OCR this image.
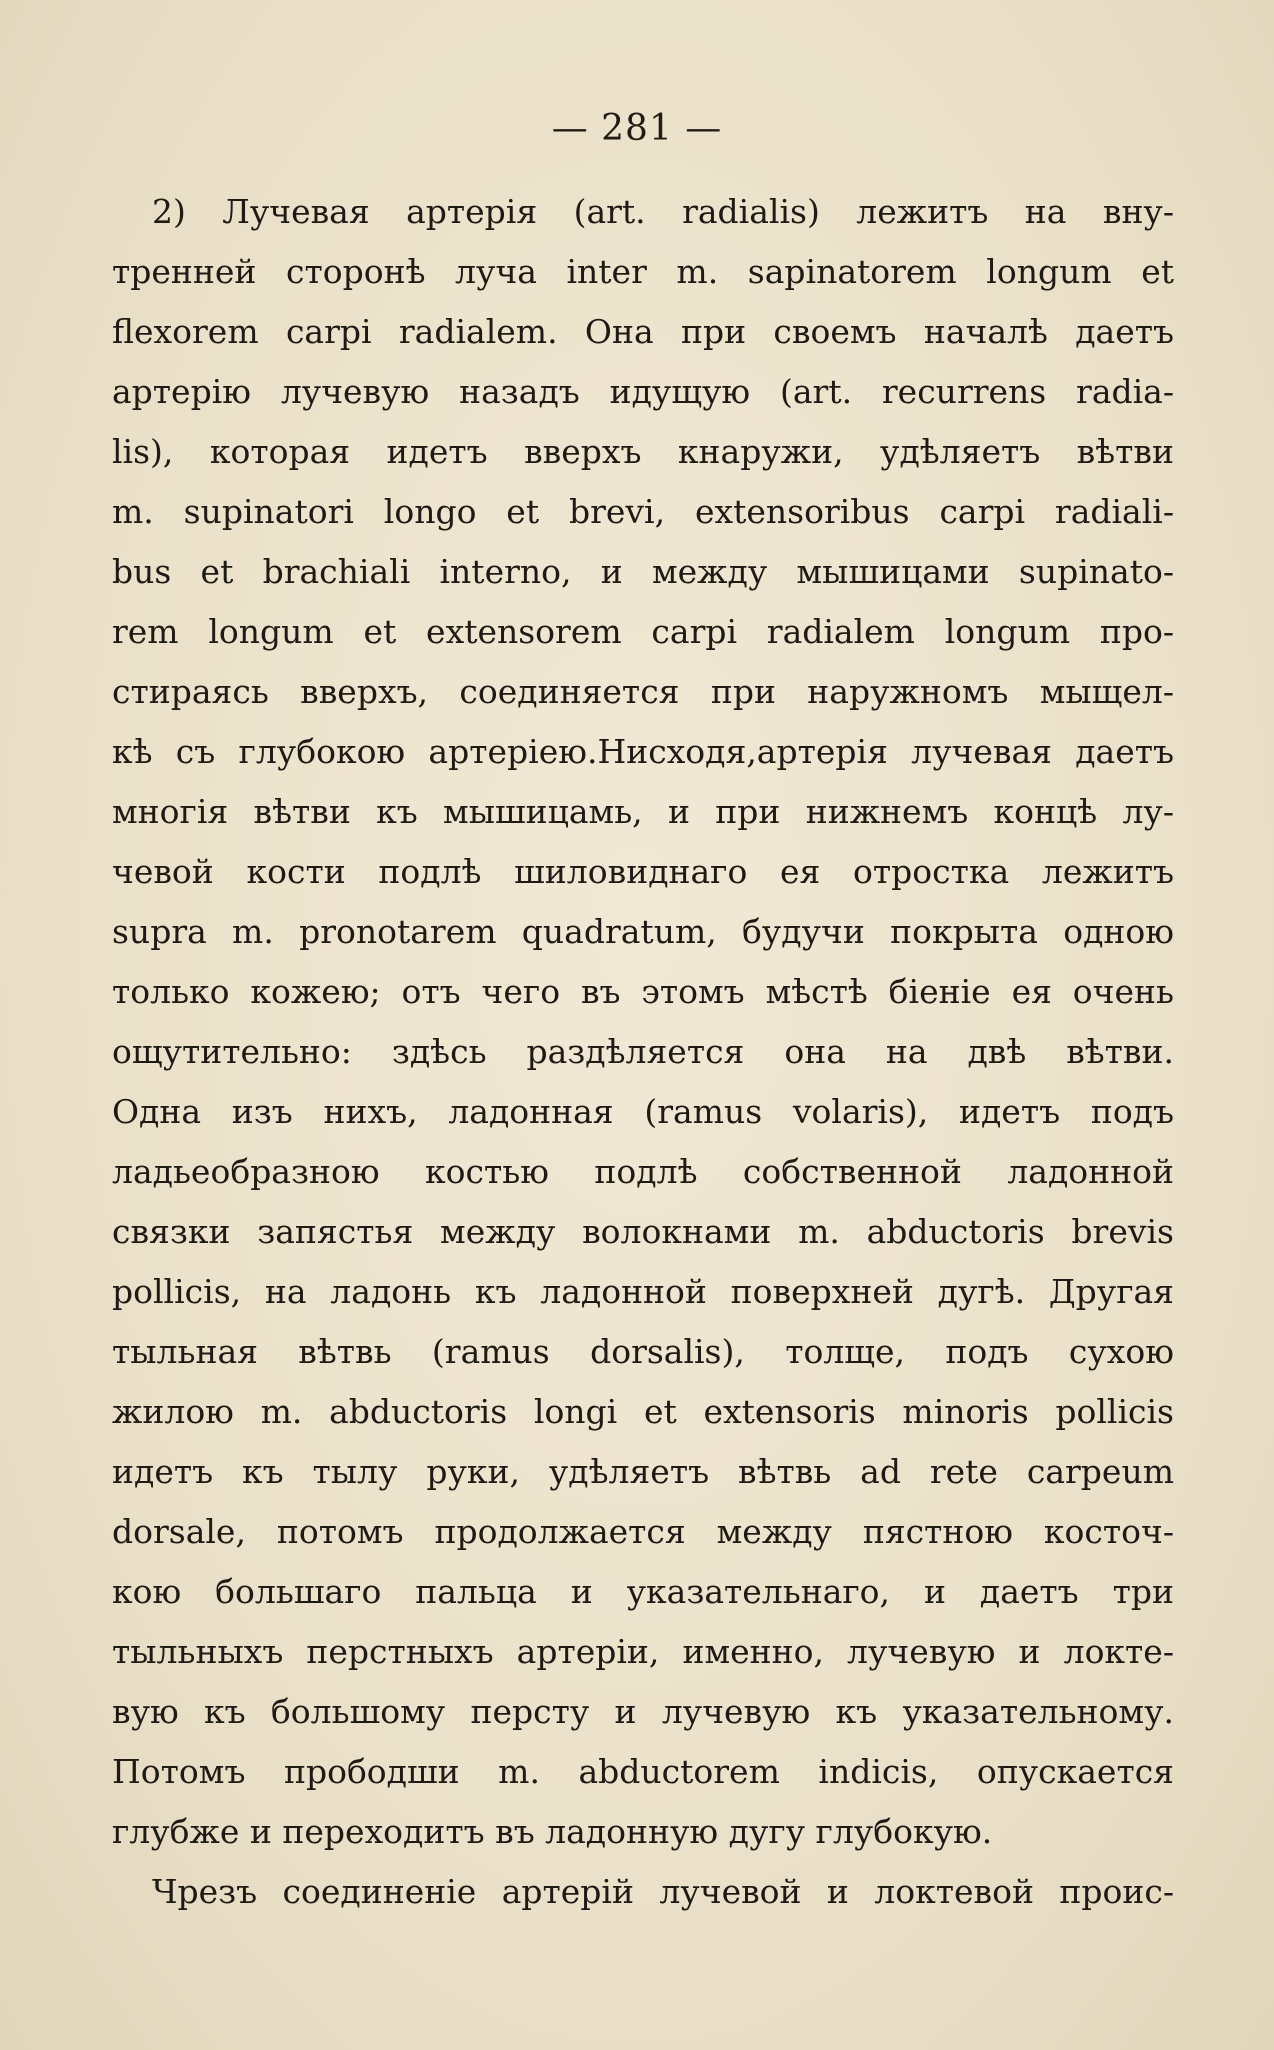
— 281 —
2) Лучевая артерія (art. radialis) лежитъ на вну-
тренней сторонѣ луча inter m. sapinatorem longum et
flexorem carpi radialem. Она при своемъ началѣ даетъ
артерію лучевую назадъ идущую (art. recurrens radia-
lis), которая идетъ вверхъ кнаружи, удѣляетъ вѣтви
m. supinatori longo et brevi, extensoribus carpi radiali-
bus et brachiali interno, и между мышицами supinato-
rem longum et extensorem carpi radialem longum про-
стираясь вверхъ, соединяется при наружномъ мыщел-
кѣ съ глубокою артеріею.Нисходя,артерія лучевая даетъ
многія вѣтви къ мышицамь, и при нижнемъ концѣ лу-
чевой кости подлѣ шиловиднаго ея отростка лежитъ
supra m. pronotarem quadratum, будучи покрыта одною
только кожею; отъ чего въ этомъ мѣстѣ біеніе ея очень
ощутительно: здѣсь раздѣляется она на двѣ вѣтви.
Одна изъ нихъ, ладонная (ramus volaris), идетъ подъ
ладьеобразною костью подлѣ собственной ладонной
связки запястья между волокнами m. abductoris brevis
pollicis, на ладонь къ ладонной поверхней дугѣ. Другая
тыльная вѣтвь (ramus dorsalis), толще, подъ сухою
жилою m. abductoris longi et extensoris minoris pollicis
идетъ къ тылу руки, удѣляетъ вѣтвь ad rete carpeum
dorsale, потомъ продолжается между пястною косточ-
кою большаго пальца и указательнаго, и даетъ три
тыльныхъ перстныхъ артеріи, именно, лучевую и локте-
вую къ большому персту и лучевую къ указательному.
Потомъ прободши m. abductorem indicis, опускается
глубже и переходитъ въ ладонную дугу глубокую.
Чрезъ соединеніе артерій лучевой и локтевой проис-
